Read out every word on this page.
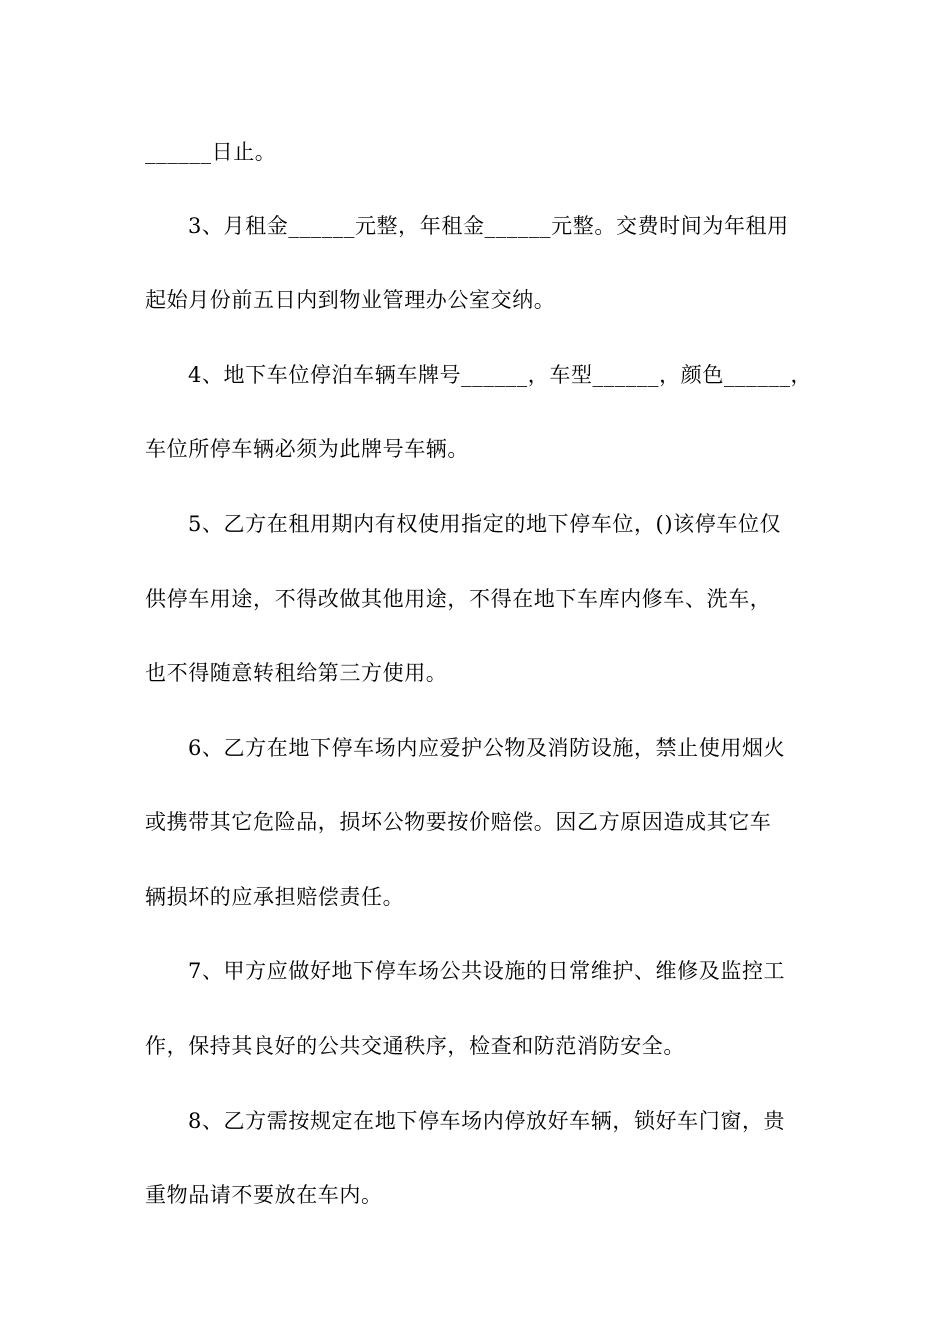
______日止。
3、月租金______元整，年租金______元整。交费时间为年租用
起始月份前五日内到物业管理办公室交纳。
4、地下车位停泊车辆车牌号______，车型______，颜色______，
车位所停车辆必须为此牌号车辆。
5、乙方在租用期内有权使用指定的地下停车位，()该停车位仅
供停车用途，不得改做其他用途，不得在地下车库内修车、洗车，
也不得随意转租给第三方使用。
6、乙方在地下停车场内应爱护公物及消防设施，禁止使用烟火
或携带其它危险品，损坏公物要按价赔偿。因乙方原因造成其它车
辆损坏的应承担赔偿责任。
7、甲方应做好地下停车场公共设施的日常维护、维修及监控工
作，保持其良好的公共交通秩序，检查和防范消防安全。
8、乙方需按规定在地下停车场内停放好车辆，锁好车门窗，贵
重物品请不要放在车内。
